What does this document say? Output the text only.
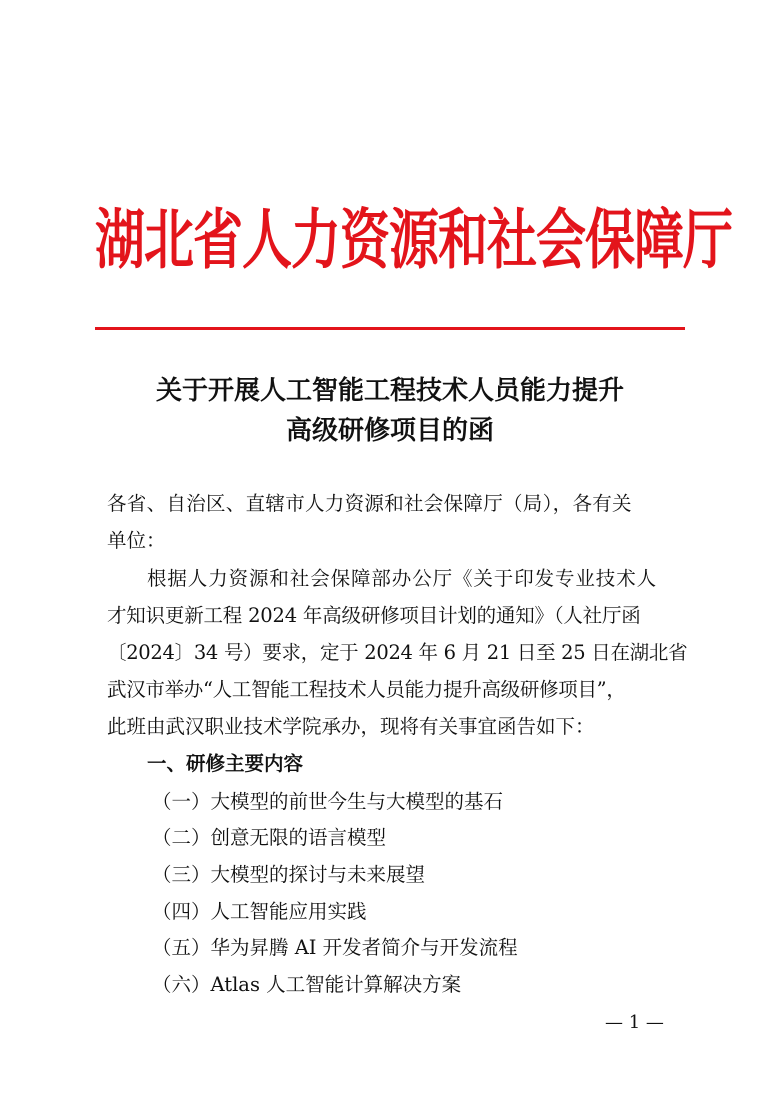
湖北省人力资源和社会保障厅
关于开展人工智能工程技术人员能力提升
高级研修项目的函
各省、自治区、直辖市人力资源和社会保障厅（局），各有关
单位：
根据人力资源和社会保障部办公厅《关于印发专业技术人
才知识更新工程 2024 年高级研修项目计划的通知》（人社厅函
〔2024〕34 号）要求，定于 2024 年 6 月 21 日至 25 日在湖北省
武汉市举办“人工智能工程技术人员能力提升高级研修项目”，
此班由武汉职业技术学院承办，现将有关事宜函告如下：
一、研修主要内容
（一）大模型的前世今生与大模型的基石
（二）创意无限的语言模型
（三）大模型的探讨与未来展望
（四）人工智能应用实践
（五）华为昇腾 AI 开发者简介与开发流程
（六）Atlas 人工智能计算解决方案
— 1 —
